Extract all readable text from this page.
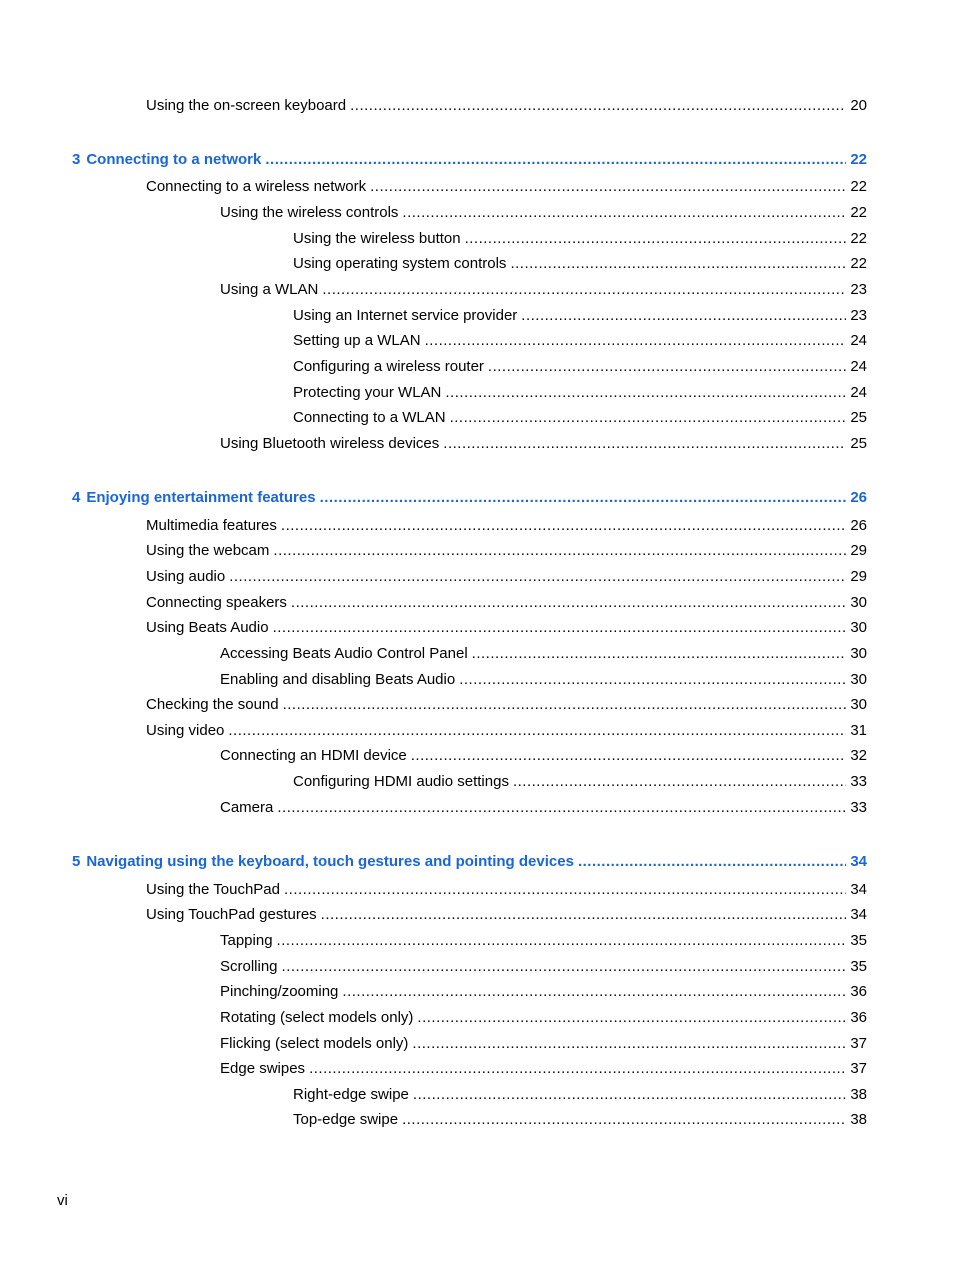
Using the on-screen keyboard .....	20
3 Connecting to a network .....	22
Connecting to a wireless network .....	22
Using the wireless controls .....	22
Using the wireless button .....	22
Using operating system controls .....	22
Using a WLAN .....	23
Using an Internet service provider .....	23
Setting up a WLAN .....	24
Configuring a wireless router .....	24
Protecting your WLAN .....	24
Connecting to a WLAN .....	25
Using Bluetooth wireless devices .....	25
4 Enjoying entertainment features .....	26
Multimedia features .....	26
Using the webcam .....	29
Using audio .....	29
Connecting speakers .....	30
Using Beats Audio .....	30
Accessing Beats Audio Control Panel .....	30
Enabling and disabling Beats Audio .....	30
Checking the sound .....	30
Using video .....	31
Connecting an HDMI device .....	32
Configuring HDMI audio settings .....	33
Camera .....	33
5 Navigating using the keyboard, touch gestures and pointing devices .....	34
Using the TouchPad .....	34
Using TouchPad gestures .....	34
Tapping .....	35
Scrolling .....	35
Pinching/zooming .....	36
Rotating (select models only) .....	36
Flicking (select models only) .....	37
Edge swipes .....	37
Right-edge swipe .....	38
Top-edge swipe .....	38
vi
